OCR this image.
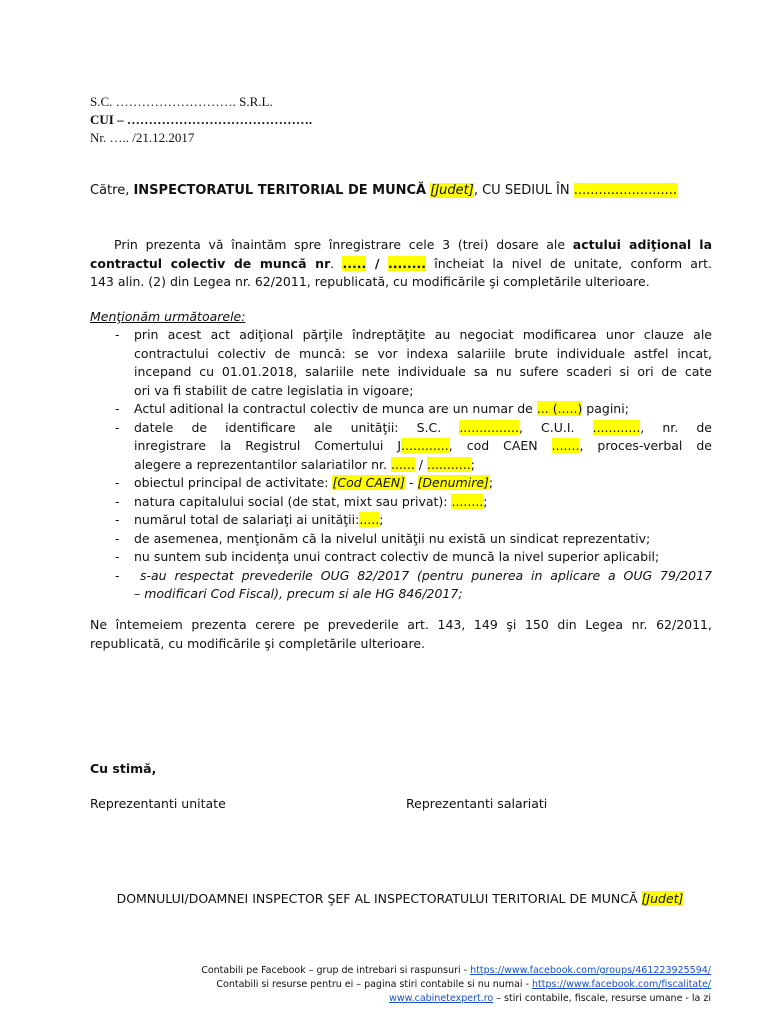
S.C. ………………………. S.R.L.
CUI – …………………………………….
Nr. ….. /21.12.2017
Către, INSPECTORATUL TERITORIAL DE MUNCĂ [Judet], CU SEDIUL ÎN .........................
Prin prezenta vă înaintăm spre înregistrare cele 3 (trei) dosare ale actului adiţional la
contractul colectiv de muncă nr. ..... / ........ încheiat la nivel de unitate, conform art.
143 alin. (2) din Legea nr. 62/2011, republicată, cu modificările şi completările ulterioare.
Menţionăm următoarele:
- prin acest act adiţional părţile îndreptăţite au negociat modificarea unor clauze ale
contractului colectiv de muncă: se vor indexa salariile brute individuale astfel incat,
incepand cu 01.01.2018, salariile nete individuale sa nu sufere scaderi si ori de cate
ori va fi stabilit de catre legislatia in vigoare;
- Actul aditional la contractul colectiv de munca are un numar de ... (.....) pagini;
- datele de identificare ale unităţii: S.C. ..............., C.U.I. ............, nr. de
inregistrare la Registrul Comertului J............, cod CAEN ......., proces-verbal de
alegere a reprezentantilor salariatilor nr. ...... / ...........;
- obiectul principal de activitate: [Cod CAEN] - [Denumire];
- natura capitalului social (de stat, mixt sau privat): ........;
- numărul total de salariaţi ai unităţii:.....;
- de asemenea, menţionăm că la nivelul unităţii nu există un sindicat reprezentativ;
- nu suntem sub incidenţa unui contract colectiv de muncă la nivel superior aplicabil;
-	s-au respectat prevederile OUG 82/2017 (pentru punerea in aplicare a OUG 79/2017
– modificari Cod Fiscal), precum si ale HG 846/2017;
Ne întemeiem prezenta cerere pe prevederile art. 143, 149 şi 150 din Legea nr. 62/2011,
republicată, cu modificările şi completările ulterioare.
Cu stimă,
Reprezentanti unitate	Reprezentanti salariati
DOMNULUI/DOAMNEI INSPECTOR ŞEF AL INSPECTORATULUI TERITORIAL DE MUNCĂ [Judet]
Contabili pe Facebook – grup de intrebari si raspunsuri - https://www.facebook.com/groups/461223925594/
Contabili si resurse pentru ei – pagina stiri contabile si nu numai - https://www.facebook.com/fiscalitate/
www.cabinetexpert.ro – stiri contabile, fiscale, resurse umane - la zi
